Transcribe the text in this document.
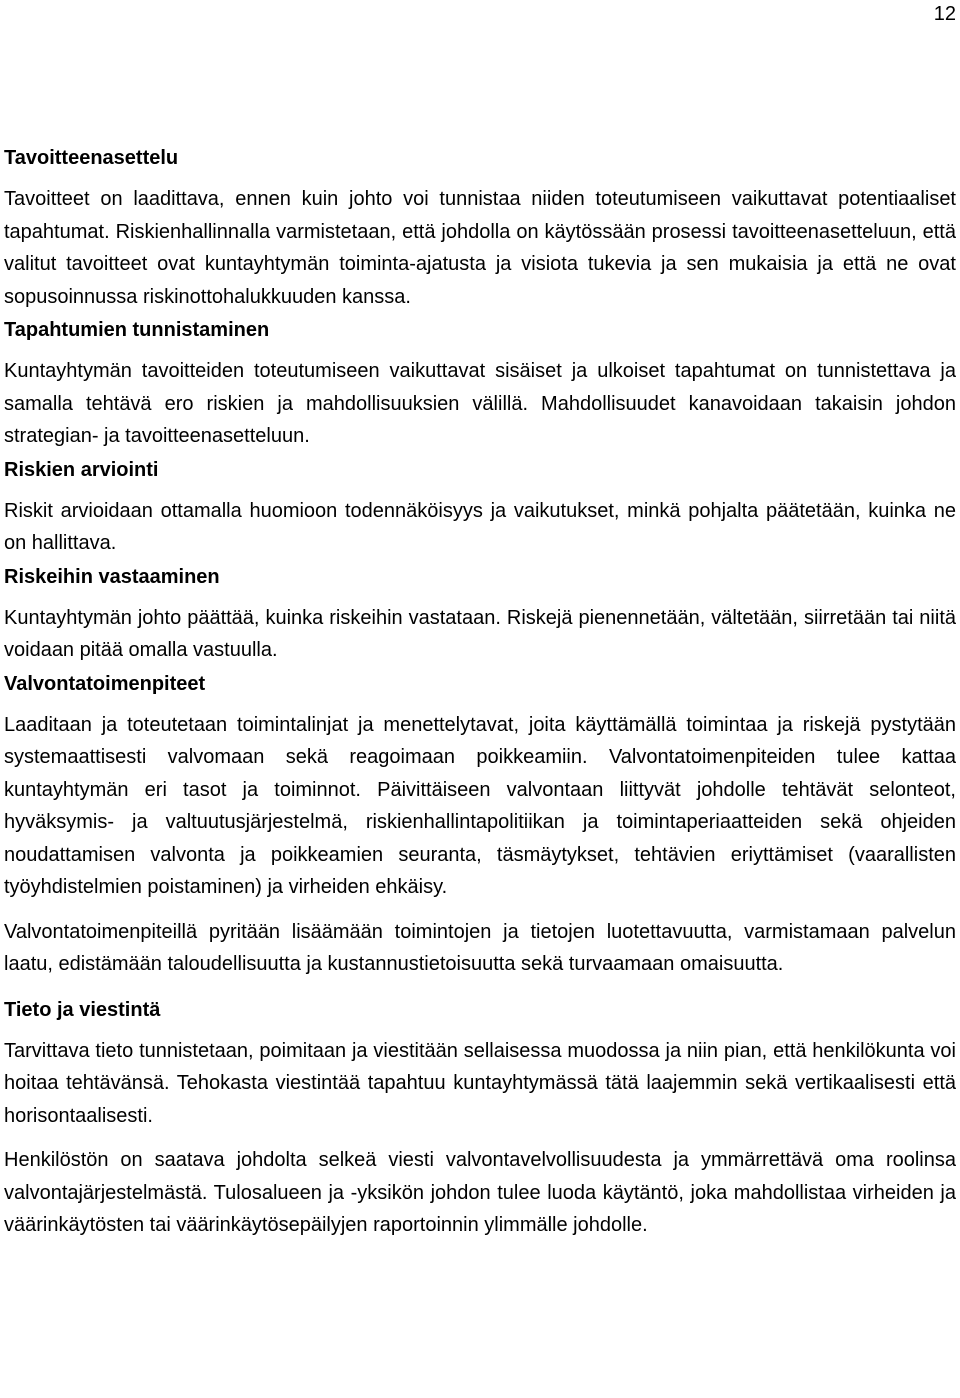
12
Tavoitteenasettelu

Tavoitteet on laadittava, ennen kuin johto voi tunnistaa niiden toteutumiseen vaikuttavat potentiaaliset tapahtumat. Riskienhallinnalla varmistetaan, että johdolla on käytössään prosessi tavoitteenasetteluun, että valitut tavoitteet ovat kuntayhtymän toiminta-ajatusta ja visiota tukevia ja sen mukaisia ja että ne ovat sopusoinnussa riskinottohalukkuuden kanssa.

Tapahtumien tunnistaminen

Kuntayhtymän tavoitteiden toteutumiseen vaikuttavat sisäiset ja ulkoiset tapahtumat on tunnistettava ja samalla tehtävä ero riskien ja mahdollisuuksien välillä. Mahdollisuudet kanavoidaan takaisin johdon strategian- ja tavoitteenasetteluun.

Riskien arviointi

Riskit arvioidaan ottamalla huomioon todennäköisyys ja vaikutukset, minkä pohjalta päätetään, kuinka ne on hallittava.

Riskeihin vastaaminen

Kuntayhtymän johto päättää, kuinka riskeihin vastataan. Riskejä pienennetään, vältetään, siirretään tai niitä voidaan pitää omalla vastuulla.

Valvontatoimenpiteet

Laaditaan ja toteutetaan toimintalinjat ja menettelytavat, joita käyttämällä toimintaa ja riskejä pystytään systemaattisesti valvomaan sekä reagoimaan poikkeamiin. Valvontatoimenpiteiden tulee kattaa kuntayhtymän eri tasot ja toiminnot. Päivittäiseen valvontaan liittyvät johdolle tehtävät selonteot, hyväksymis- ja valtuutusjärjestelmä, riskienhallintapolitiikan ja toimintaperiaatteiden sekä ohjeiden noudattamisen valvonta ja poikkeamien seuranta, täsmäytykset, tehtävien eriyttämiset (vaarallisten työyhdistelmien poistaminen) ja virheiden ehkäisy.

Valvontatoimenpiteillä pyritään lisäämään toimintojen ja tietojen luotettavuutta, varmistamaan palvelun laatu, edistämään taloudellisuutta ja kustannustietoisuutta sekä turvaamaan omaisuutta.

Tieto ja viestintä

Tarvittava tieto tunnistetaan, poimitaan ja viestitään sellaisessa muodossa ja niin pian, että henkilökunta voi hoitaa tehtävänsä. Tehokasta viestintää tapahtuu kuntayhtymässä tätä laajemmin sekä vertikaalisesti että horisontaalisesti.

Henkilöstön on saatava johdolta selkeä viesti valvontavelvollisuudesta ja ymmärrettävä oma roolinsa valvontajärjestelmästä. Tulosalueen ja -yksikön johdon tulee luoda käytäntö, joka mahdollistaa virheiden ja väärinkäytösten tai väärinkäytösepäilyjen raportoinnin ylimmälle johdolle.
